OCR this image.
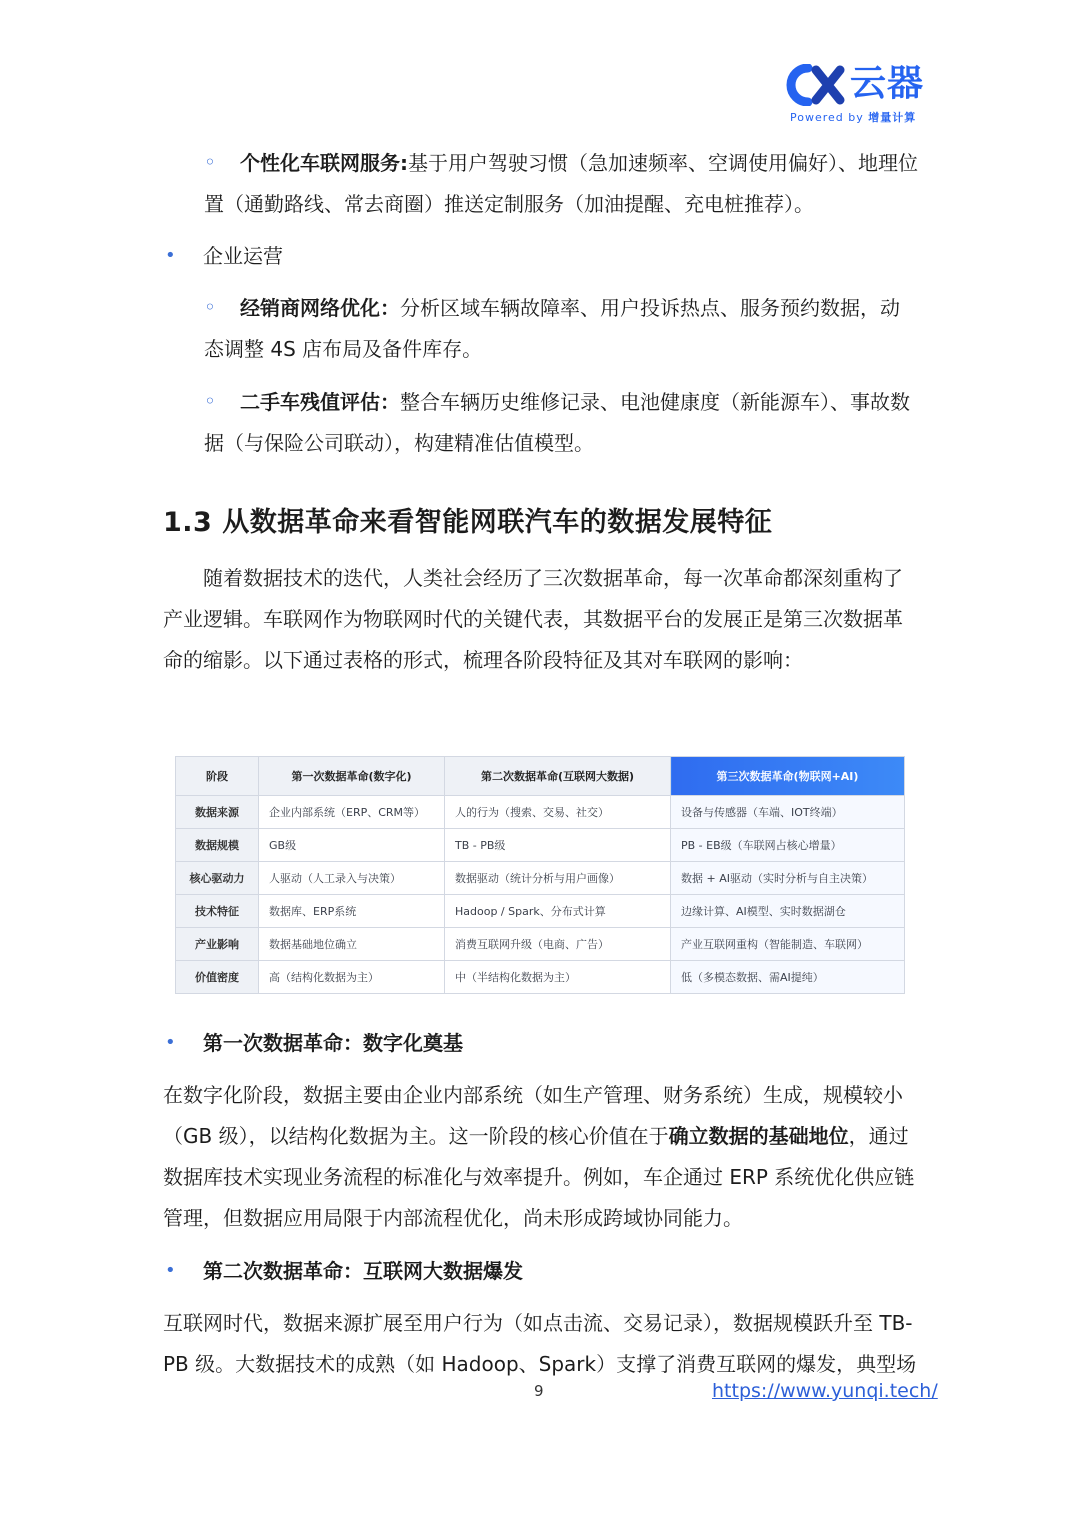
云器
Powered by 增量计算
◦ 个性化车联网服务:基于用户驾驶习惯（急加速频率、空调使用偏好）、地理位

置（通勤路线、常去商圈）推送定制服务（加油提醒、充电桩推荐）。

• 企业运营

◦ 经销商网络优化：分析区域车辆故障率、用户投诉热点、服务预约数据，动

态调整 4S 店布局及备件库存。

◦ 二手车残值评估：整合车辆历史维修记录、电池健康度（新能源车）、事故数

据（与保险公司联动），构建精准估值模型。

1.3 从数据革命来看智能网联汽车的数据发展特征

随着数据技术的迭代，人类社会经历了三次数据革命，每一次革命都深刻重构了

产业逻辑。车联网作为物联网时代的关键代表，其数据平台的发展正是第三次数据革

命的缩影。以下通过表格的形式，梳理各阶段特征及其对车联网的影响：

阶段	第一次数据革命(数字化)	第二次数据革命(互联网大数据)	第三次数据革命(物联网+AI)
数据来源	企业内部系统（ERP、CRM等）	人的行为（搜索、交易、社交）	设备与传感器（车端、IOT终端）
数据规模	GB级	TB - PB级	PB - EB级（车联网占核心增量）
核心驱动力	人驱动（人工录入与决策）	数据驱动（统计分析与用户画像）	数据 + AI驱动（实时分析与自主决策）
技术特征	数据库、ERP系统	Hadoop / Spark、分布式计算	边缘计算、AI模型、实时数据湖仓
产业影响	数据基础地位确立	消费互联网升级（电商、广告）	产业互联网重构（智能制造、车联网）
价值密度	高（结构化数据为主）	中（半结构化数据为主）	低（多模态数据、需AI提纯）
• 第一次数据革命：数字化奠基

在数字化阶段，数据主要由企业内部系统（如生产管理、财务系统）生成，规模较小

（GB 级），以结构化数据为主。这一阶段的核心价值在于确立数据的基础地位，通过

数据库技术实现业务流程的标准化与效率提升。例如，车企通过 ERP 系统优化供应链

管理，但数据应用局限于内部流程优化，尚未形成跨域协同能力。

• 第二次数据革命：互联网大数据爆发

互联网时代，数据来源扩展至用户行为（如点击流、交易记录），数据规模跃升至 TB-

PB 级。大数据技术的成熟（如 Hadoop、Spark）支撑了消费互联网的爆发，典型场

9	https://www.yunqi.tech/
